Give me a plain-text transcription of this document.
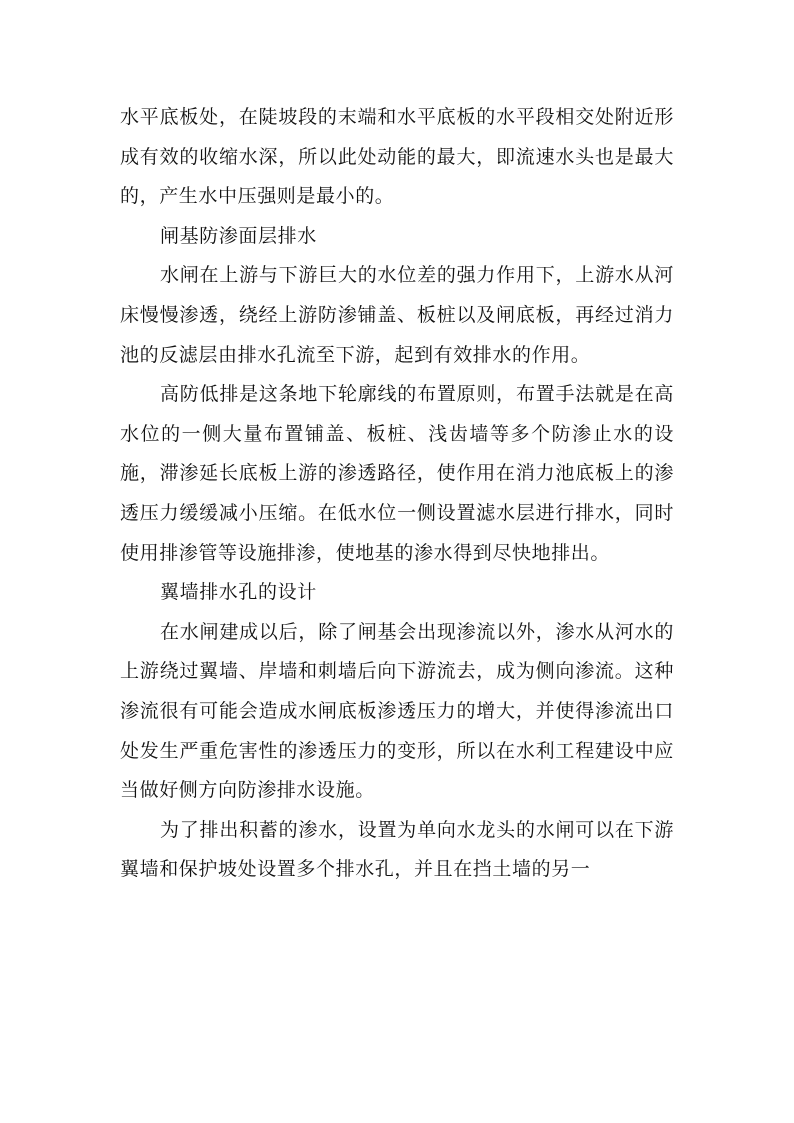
水平底板处，在陡坡段的末端和水平底板的水平段相交处附近形成有效的收缩水深，所以此处动能的最大，即流速水头也是最大的，产生水中压强则是最小的。

闸基防渗面层排水

水闸在上游与下游巨大的水位差的强力作用下，上游水从河床慢慢渗透，绕经上游防渗铺盖、板桩以及闸底板，再经过消力池的反滤层由排水孔流至下游，起到有效排水的作用。

高防低排是这条地下轮廓线的布置原则，布置手法就是在高水位的一侧大量布置铺盖、板桩、浅齿墙等多个防渗止水的设施，滞渗延长底板上游的渗透路径，使作用在消力池底板上的渗透压力缓缓减小压缩。在低水位一侧设置滤水层进行排水，同时使用排渗管等设施排渗，使地基的渗水得到尽快地排出。

翼墙排水孔的设计

在水闸建成以后，除了闸基会出现渗流以外，渗水从河水的上游绕过翼墙、岸墙和刺墙后向下游流去，成为侧向渗流。这种渗流很有可能会造成水闸底板渗透压力的增大，并使得渗流出口处发生严重危害性的渗透压力的变形，所以在水利工程建设中应当做好侧方向防渗排水设施。

为了排出积蓄的渗水，设置为单向水龙头的水闸可以在下游翼墙和保护坡处设置多个排水孔，并且在挡土墙的另一
